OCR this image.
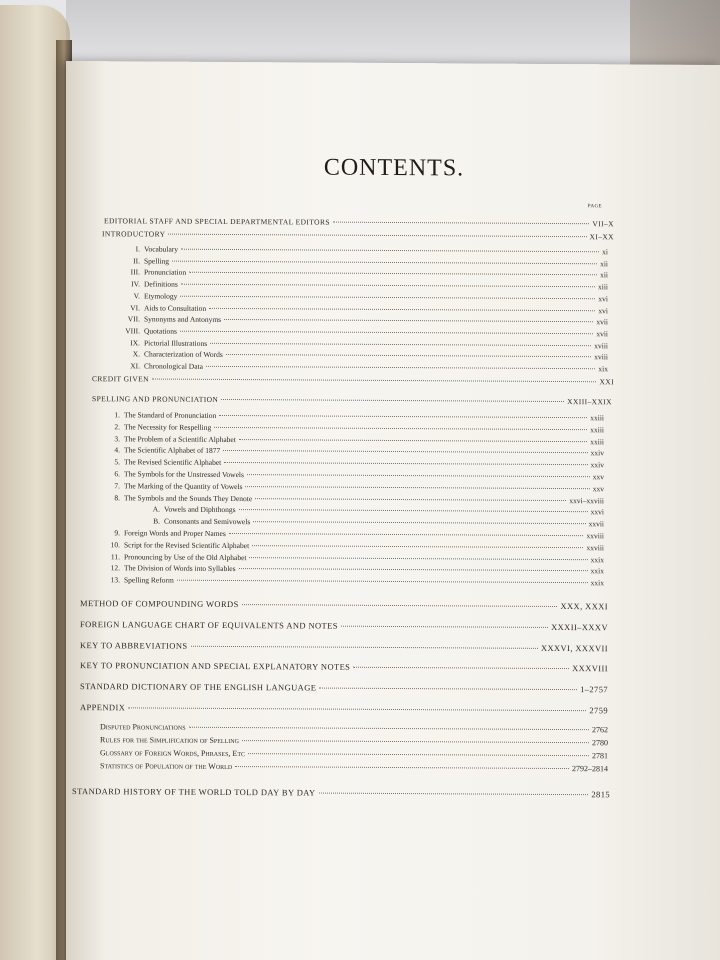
CONTENTS.
PAGE
EDITORIAL STAFF AND SPECIAL DEPARTMENTAL EDITORS	VII–X
INTRODUCTORY	XI–XX
I. Vocabulary	xi
II. Spelling	xii
III. Pronunciation	xii
IV. Definitions	xiii
V. Etymology	xvi
VI. Aids to Consultation	xvi
VII. Synonyms and Antonyms	xvii
VIII. Quotations	xvii
IX. Pictorial Illustrations	xviii
X. Characterization of Words	xviii
XI. Chronological Data	xix
CREDIT GIVEN	XXI
SPELLING AND PRONUNCIATION	XXIII–XXIX
1. The Standard of Pronunciation	xxiii
2. The Necessity for Respelling	xxiii
3. The Problem of a Scientific Alphabet	xxiii
4. The Scientific Alphabet of 1877	xxiv
5. The Revised Scientific Alphabet	xxiv
6. The Symbols for the Unstressed Vowels	xxv
7. The Marking of the Quantity of Vowels	xxv
8. The Symbols and the Sounds They Denote	xxvi–xxviii
A. Vowels and Diphthongs	xxvi
B. Consonants and Semivowels	xxvii
9. Foreign Words and Proper Names	xxviii
10. Script for the Revised Scientific Alphabet	xxviii
11. Pronouncing by Use of the Old Alphabet	xxix
12. The Division of Words into Syllables	xxix
13. Spelling Reform	xxix
METHOD OF COMPOUNDING WORDS	XXX, XXXI
FOREIGN LANGUAGE CHART OF EQUIVALENTS AND NOTES	XXXII–XXXV
KEY TO ABBREVIATIONS	XXXVI, XXXVII
KEY TO PRONUNCIATION AND SPECIAL EXPLANATORY NOTES	XXXVIII
STANDARD DICTIONARY OF THE ENGLISH LANGUAGE	1–2757
APPENDIX	2759
Disputed Pronunciations	2762
Rules for the Simplification of Spelling	2780
Glossary of Foreign Words, Phrases, Etc	2781
Statistics of Population of the World	2792–2814
STANDARD HISTORY OF THE WORLD TOLD DAY BY DAY	2815
